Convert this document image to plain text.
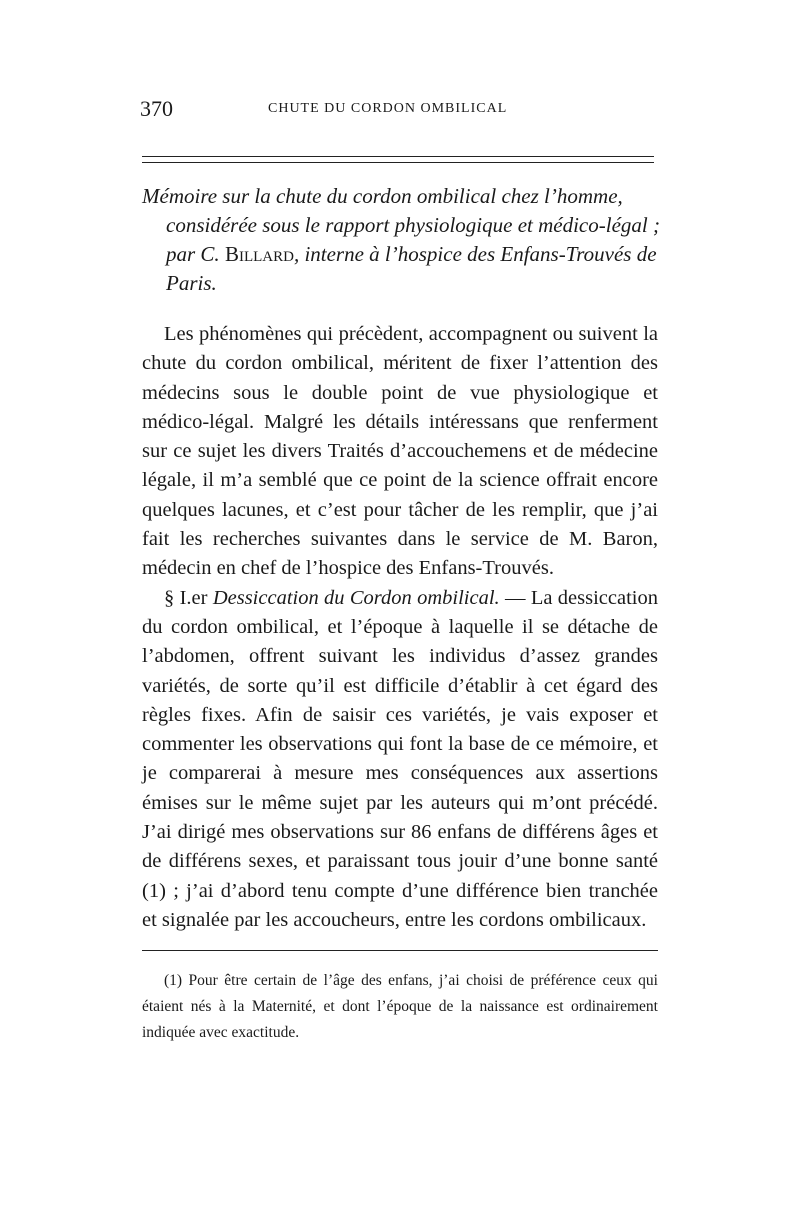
370	CHUTE DU CORDON OMBILICAL
Mémoire sur la chute du cordon ombilical chez l’homme, considérée sous le rapport physiologique et médico-légal ; par C. Billard, interne à l’hospice des Enfans-Trouvés de Paris.

Les phénomènes qui précèdent, accompagnent ou suivent la chute du cordon ombilical, méritent de fixer l’attention des médecins sous le double point de vue physiologique et médico-légal. Malgré les détails intéressans que renferment sur ce sujet les divers Traités d’accouchemens et de médecine légale, il m’a semblé que ce point de la science offrait encore quelques lacunes, et c’est pour tâcher de les remplir, que j’ai fait les recherches suivantes dans le service de M. Baron, médecin en chef de l’hospice des Enfans-Trouvés.

§ I.er Dessiccation du Cordon ombilical. — La dessiccation du cordon ombilical, et l’époque à laquelle il se détache de l’abdomen, offrent suivant les individus d’assez grandes variétés, de sorte qu’il est difficile d’établir à cet égard des règles fixes. Afin de saisir ces variétés, je vais exposer et commenter les observations qui font la base de ce mémoire, et je comparerai à mesure mes conséquences aux assertions émises sur le même sujet par les auteurs qui m’ont précédé. J’ai dirigé mes observations sur 86 enfans de différens âges et de différens sexes, et paraissant tous jouir d’une bonne santé (1) ; j’ai d’abord tenu compte d’une différence bien tranchée et signalée par les accoucheurs, entre les cordons ombilicaux.

(1) Pour être certain de l’âge des enfans, j’ai choisi de préférence ceux qui étaient nés à la Maternité, et dont l’époque de la naissance est ordinairement indiquée avec exactitude.
